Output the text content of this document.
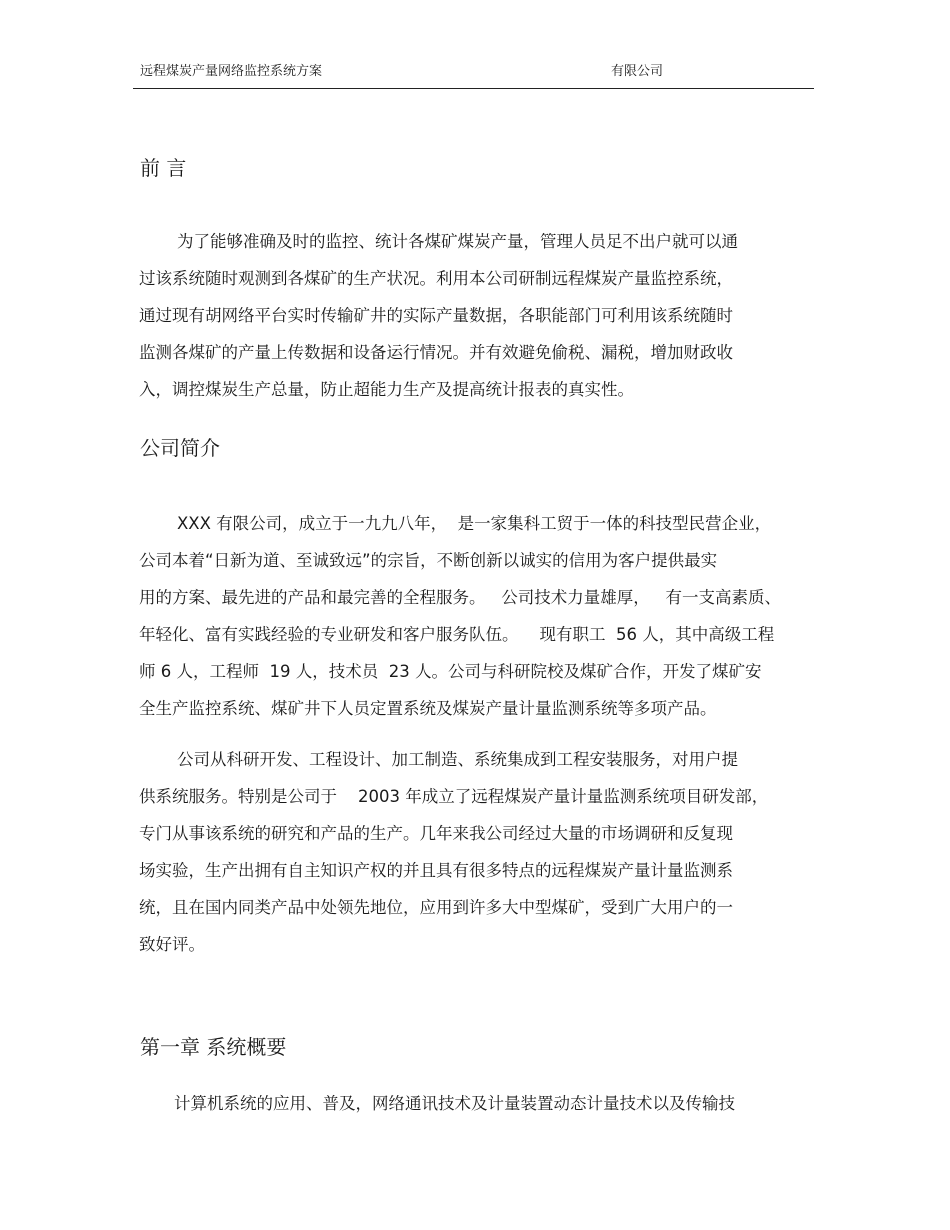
远程煤炭产量网络监控系统方案	有限公司
前 言
为了能够准确及时的监控、统计各煤矿煤炭产量，管理人员足不出户就可以通
过该系统随时观测到各煤矿的生产状况。利用本公司研制远程煤炭产量监控系统，
通过现有胡网络平台实时传输矿井的实际产量数据，各职能部门可利用该系统随时
监测各煤矿的产量上传数据和设备运行情况。并有效避免偷税、漏税，增加财政收
入，调控煤炭生产总量，防止超能力生产及提高统计报表的真实性。
公司简介
XXX 有限公司，成立于一九九八年，  是一家集科工贸于一体的科技型民营企业，
公司本着“日新为道、至诚致远”的宗旨，不断创新以诚实的信用为客户提供最实
用的方案、最先进的产品和最完善的全程服务。   公司技术力量雄厚，   有一支高素质、
年轻化、富有实践经验的专业研发和客户服务队伍。    现有职工  56 人，其中高级工程
师 6 人，工程师  19 人，技术员  23 人。公司与科研院校及煤矿合作，开发了煤矿安
全生产监控系统、煤矿井下人员定置系统及煤炭产量计量监测系统等多项产品。
公司从科研开发、工程设计、加工制造、系统集成到工程安装服务，对用户提
供系统服务。特别是公司于    2003 年成立了远程煤炭产量计量监测系统项目研发部，
专门从事该系统的研究和产品的生产。几年来我公司经过大量的市场调研和反复现
场实验，生产出拥有自主知识产权的并且具有很多特点的远程煤炭产量计量监测系
统，且在国内同类产品中处领先地位，应用到许多大中型煤矿，受到广大用户的一
致好评。
第一章 系统概要
计算机系统的应用、普及，网络通讯技术及计量装置动态计量技术以及传输技
